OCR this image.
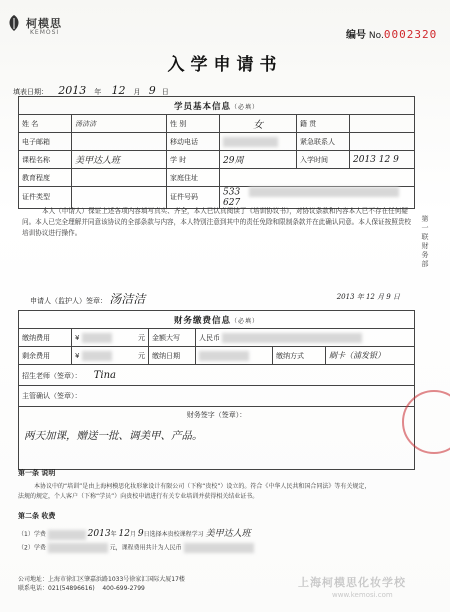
柯模思
KEMOSI	编号 No.0002320
入学申请书
填表日期： 2013 年 12 月 9 日
学员基本信息（必填）					
姓 名	汤洁洁	性 别	女	籍 贯	
电子邮箱		移动电话		紧急联系人	
课程名称	美甲达人班	学 时	29周	入学时间	2013 12 9
教育程度		家庭住址			
证件类型		证件号码	533  627		
本人（申请人）保证上述各项内容填写真实、齐全，本人已认真阅读了《培训协议书》，对协议条款和内容本人已不存在任何疑问。本人已完全理解并同意该协议的全部条款与内容，本人特别注意到其中的责任免除和限制条款并在此确认同意。本人保证按照贵校培训协议进行操作。
申请人（监护人）签章： 汤洁洁	2013 年 12 月 9 日
第一联 财务部
财务缴费信息（必填）					
缴纳费用	¥ 元	金额大写	人民币		
剩余费用	¥ 元	缴纳日期		缴纳方式	刷卡（浦发银）
招生老师（签章）： Tina					
主管确认（签章）：					

财务签字（签章）：
两天加课，赠送一批、调美甲、产品。					
第一条 说明
本协议中的“培训”是由上海柯模思化妆形象设计有限公司（下称“贵校”）设立的。符合《中华人民共和国合同法》等有关规定，
法规的规定，个人客户（下称“学员”）向贵校申请进行有关专业培训并获得相关结业证书。
第二条 收费
（1）学费	2013年 12月 9日选择本贵校课程学习 美甲达人班
（2）学费	元，课程费用共计为人民币
公司地址：上海市徐汇区肇嘉浜路1033号徐家汇国际大厦17楼
联系电话：021(54896616) 400-699-2799	上海柯模思化妆学校
www.kemosi.com
